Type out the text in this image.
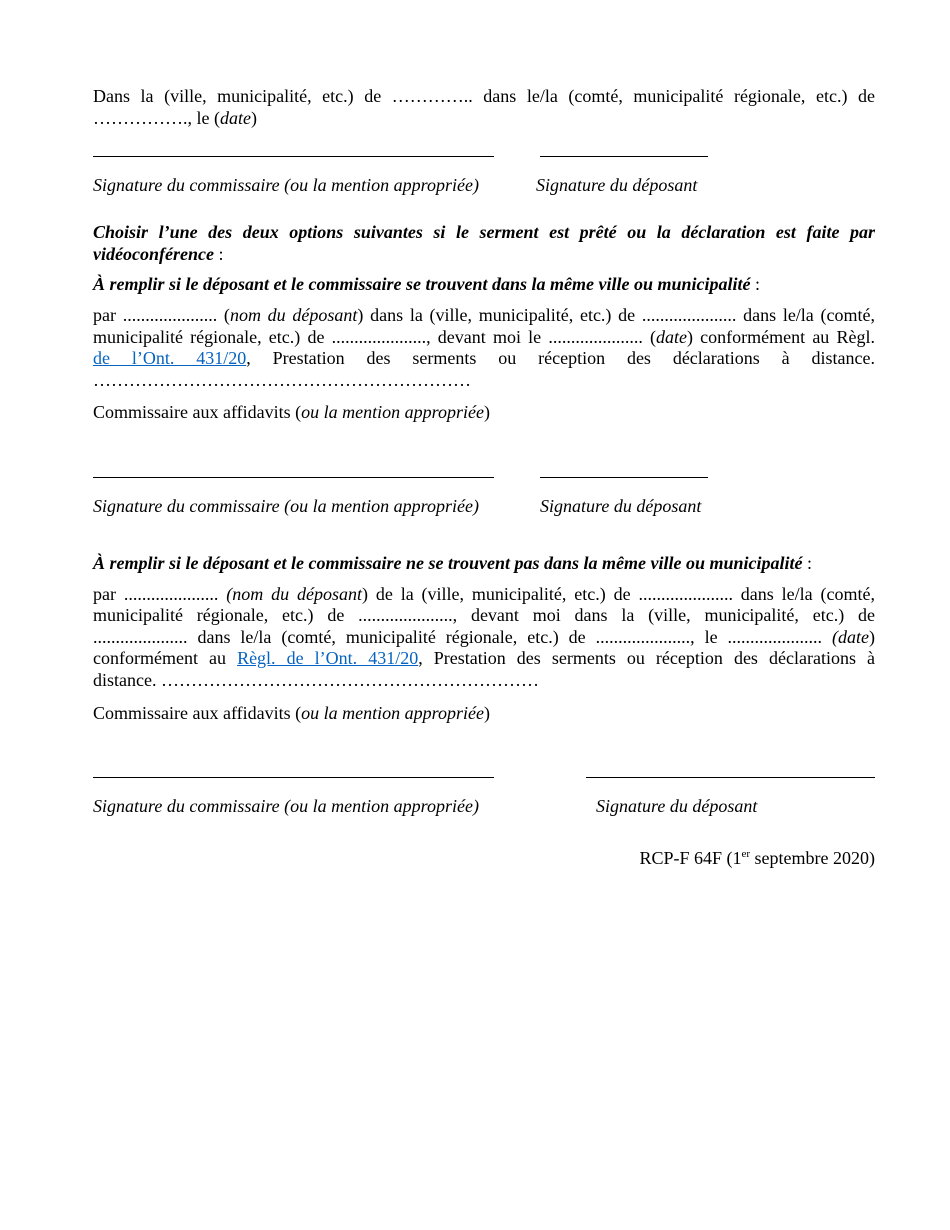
Dans la (ville, municipalité, etc.) de ………….. dans le/la (comté, municipalité régionale, etc.) de

……………., le (date)

Signature du commissaire (ou la mention appropriée)	Signature du déposant

Choisir l’une des deux options suivantes si le serment est prêté ou la déclaration est faite par vidéoconférence :

À remplir si le déposant et le commissaire se trouvent dans la même ville ou municipalité :

par ..................... (nom du déposant) dans la (ville, municipalité, etc.) de ..................... dans le/la (comté,

municipalité régionale, etc.) de ....................., devant moi le ..................... (date) conformément au Règl.

de l’Ont. 431/20, Prestation des serments ou réception des déclarations à distance.

………………………………………………………

Commissaire aux affidavits (ou la mention appropriée)

Signature du commissaire (ou la mention appropriée)	Signature du déposant

À remplir si le déposant et le commissaire ne se trouvent pas dans la même ville ou municipalité :

par ..................... (nom du déposant) de la (ville, municipalité, etc.) de ..................... dans le/la (comté,

municipalité régionale, etc.) de ....................., devant moi dans la (ville, municipalité, etc.) de

..................... dans le/la (comté, municipalité régionale, etc.) de ....................., le ..................... (date)

conformément au Règl. de l’Ont. 431/20, Prestation des serments ou réception des déclarations à

distance. ………………………………………………………

Commissaire aux affidavits (ou la mention appropriée)

Signature du commissaire (ou la mention appropriée)	Signature du déposant

RCP-F 64F (1er septembre 2020)
